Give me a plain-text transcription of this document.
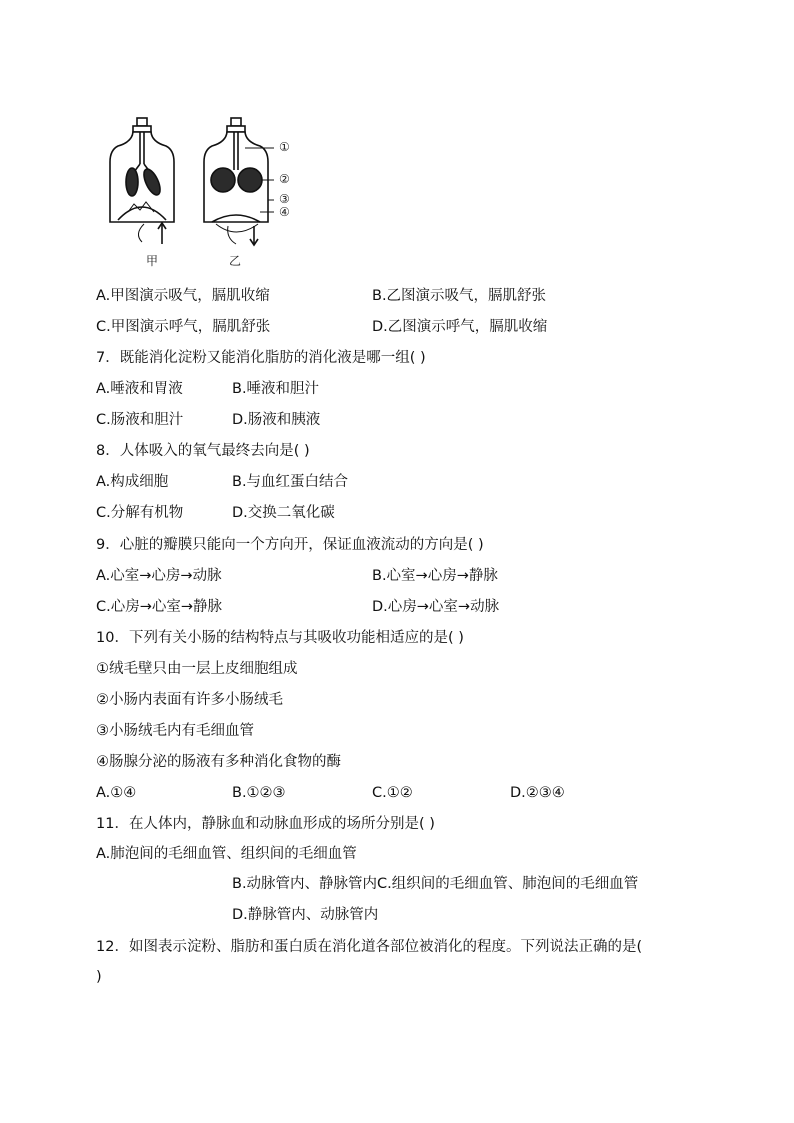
①
②
③
④
甲	乙
A.甲图演示吸气，膈肌收缩	B.乙图演示吸气，膈肌舒张
C.甲图演示呼气，膈肌舒张	D.乙图演示呼气，膈肌收缩
7．既能消化淀粉又能消化脂肪的消化液是哪一组( )
A.唾液和胃液	B.唾液和胆汁
C.肠液和胆汁	D.肠液和胰液
8．人体吸入的氧气最终去向是( )
A.构成细胞	B.与血红蛋白结合
C.分解有机物	D.交换二氧化碳
9．心脏的瓣膜只能向一个方向开，保证血液流动的方向是( )
A.心室→心房→动脉	B.心室→心房→静脉
C.心房→心室→静脉	D.心房→心室→动脉
10．下列有关小肠的结构特点与其吸收功能相适应的是( )
①绒毛壁只由一层上皮细胞组成
②小肠内表面有许多小肠绒毛
③小肠绒毛内有毛细血管
④肠腺分泌的肠液有多种消化食物的酶
A.①④	B.①②③	C.①②	D.②③④
11．在人体内，静脉血和动脉血形成的场所分别是( )
A.肺泡间的毛细血管、组织间的毛细血管
B.动脉管内、静脉管内C.组织间的毛细血管、肺泡间的毛细血管
D.静脉管内、动脉管内
12．如图表示淀粉、脂肪和蛋白质在消化道各部位被消化的程度。下列说法正确的是(
)
